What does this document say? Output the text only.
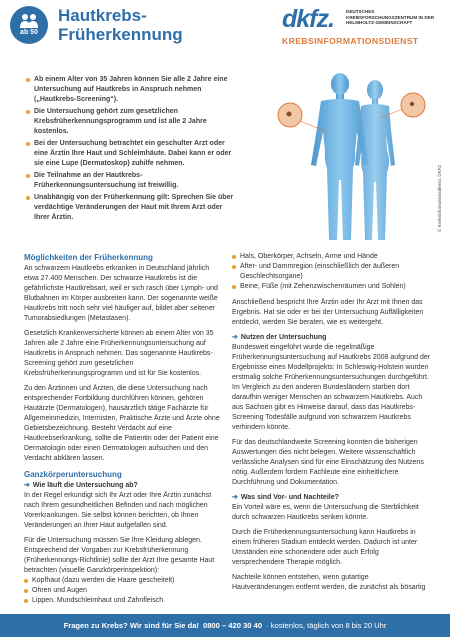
ab 50
Hautkrebs-
Früherkennung
dkfz.	DEUTSCHES KREBSFORSCHUNGSZENTRUM IN DER HELMHOLTZ-GEMEINSCHAFT
KREBSINFORMATIONSDIENST
Ab einem Alter von 35 Jahren können Sie alle 2 Jahre eine Untersuchung auf Hautkrebs in Anspruch nehmen („Hautkrebs-Screening“).
Die Untersuchung gehört zum gesetzlichen Krebsfrüherkennungsprogramm und ist alle 2 Jahre kostenlos.
Bei der Untersuchung betrachtet ein geschulter Arzt oder eine Ärztin Ihre Haut und Schleimhäute. Dabei kann er oder sie eine Lupe (Dermatoskop) zuhilfe nehmen.
Die Teilnahme an der Hautkrebs-Früherkennungsuntersuchung ist freiwillig.
Unabhängig von der Früherkennung gilt: Sprechen Sie über verdächtige Veränderungen der Haut mit Ihrem Arzt oder Ihrer Ärztin.	© Krebsinformationsdienst, DKFZ
Möglichkeiten der Früherkennung
An schwarzem Hautkrebs erkranken in Deutschland jährlich etwa 27.400 Menschen. Der schwarze Hautkrebs ist die gefährlichste Hautkrebsart, weil er sich rasch über Lymph- und Blutbahnen im Körper ausbreiten kann. Der sogenannte weiße Hautkrebs tritt noch sehr viel häufiger auf, bildet aber seltener Tumorabsiedlungen (Metastasen).
Gesetzlich Krankenversicherte können ab einem Alter von 35 Jahren alle 2 Jahre eine Früherkennungsuntersuchung auf Hautkrebs in Anspruch nehmen. Das sogenannte Hautkrebs-Screening gehört zum gesetzlichen Krebsfrüherkennungsprogramm und ist für Sie kostenlos.
Zu den Ärztinnen und Ärzten, die diese Untersuchung nach entsprechender Fortbildung durchführen können, gehören Hautärzte (Dermatologen), hausärztlich tätige Fachärzte für Allgemeinmedizin, Internisten, Praktische Ärzte und Ärzte ohne Gebietsbezeichnung. Besteht Verdacht auf eine Hautkrebserkrankung, sollte die Patientin oder der Patient eine Dermatologin oder einen Dermatologen aufsuchen und den Verdacht abklären lassen.
Ganzkörperuntersuchung
➔ Wie läuft die Untersuchung ab?
In der Regel erkundigt sich Ihr Arzt oder Ihre Ärztin zunächst nach Ihrem gesundheitlichen Befinden und nach möglichen Vorerkrankungen. Sie selbst können berichten, ob Ihnen Veränderungen an Ihrer Haut aufgefallen sind.
Für die Untersuchung müssen Sie Ihre Kleidung ablegen. Entsprechend der Vorgaben zur Krebsfrüherkennung (Früherkennungs-Richtlinie) sollte der Arzt Ihre gesamte Haut betrachten (visuelle Ganzkörperinspektion):
Kopfhaut (dazu werden die Haare gescheitelt)
Ohren und Augen
Lippen, Mundschleimhaut und Zahnfleisch
Hals, Oberkörper, Achseln, Arme und Hände
After- und Dammregion (einschließlich der äußeren Geschlechtsorgane)
Beine, Füße (mit Zehenzwischenräumen und Sohlen)
Anschließend bespricht Ihre Ärztin oder Ihr Arzt mit Ihnen das Ergebnis. Hat sie oder er bei der Untersuchung Auffälligkeiten entdeckt, werden Sie beraten, wie es weitergeht.
➔ Nutzen der Untersuchung
Bundesweit eingeführt wurde die regelmäßige Früherkennungsuntersuchung auf Hautkrebs 2008 aufgrund der Ergebnisse eines Modellprojekts: In Schleswig-Holstein wurden erstmalig solche Früherkennungsuntersuchungen durchgeführt. Im Vergleich zu den anderen Bundesländern starben dort daraufhin weniger Menschen an schwarzem Hautkrebs. Auch aus Sachsen gibt es Hinweise darauf, dass das Hautkrebs-Screening Todesfälle aufgrund von schwarzem Hautkrebs verhindern könnte.
Für das deutschlandweite Screening konnten die bisherigen Auswertungen dies nicht belegen. Weitere wissenschaftlich verlässliche Analysen sind für eine Einschätzung des Nutzens nötig. Außerdem fordern Fachleute eine einheitlichere Durchführung und Dokumentation.
➔ Was sind Vor- und Nachteile?
Ein Vorteil wäre es, wenn die Untersuchung die Sterblichkeit durch schwarzen Hautkrebs senken könnte.
Durch die Früherkennungsuntersuchung kann Hautkrebs in einem früheren Stadium entdeckt werden. Dadurch ist unter Umständen eine schonendere oder auch Erfolg versprechendere Therapie möglich.
Nachteile können entstehen, wenn gutartige Hautveränderungen entfernt werden, die zunächst als bösartig
Fragen zu Krebs? Wir sind für Sie da! 0800 – 420 30 40 · kostenlos, täglich von 8 bis 20 Uhr
